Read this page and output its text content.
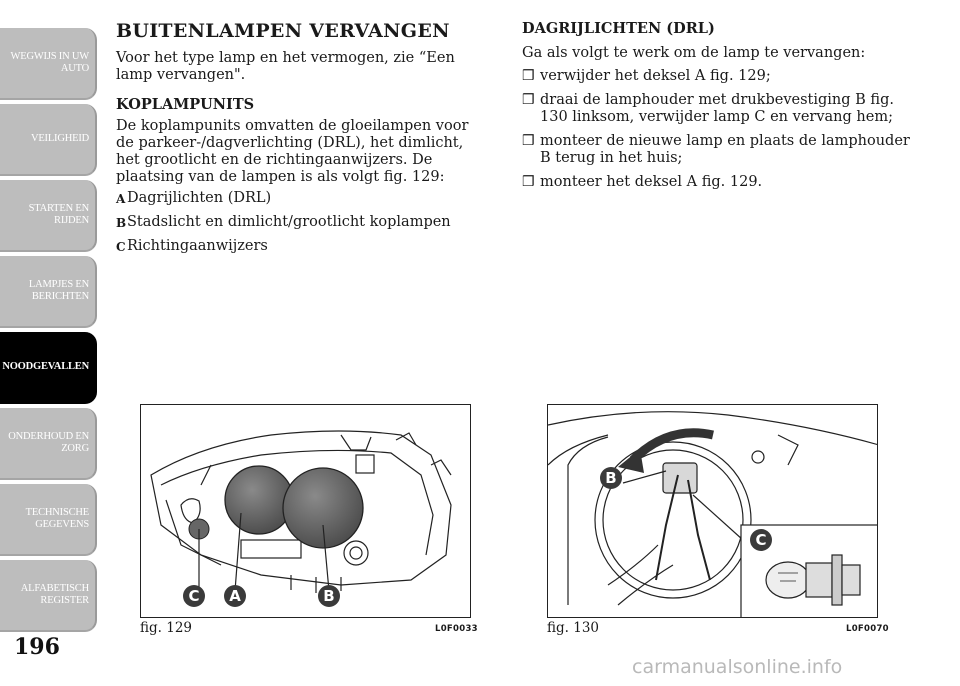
WEGWIJS IN UW AUTO
VEILIGHEID
STARTEN EN RIJDEN
LAMPJES EN BERICHTEN
NOODGEVALLEN
ONDERHOUD EN ZORG
TECHNISCHE GEGEVENS
ALFABETISCH REGISTER
196
BUITENLAMPEN VERVANGEN

Voor het type lamp en het vermogen, zie “Een lamp vervangen".

KOPLAMPUNITS

De koplampunits omvatten de gloeilampen voor de parkeer-/dagverlichting (DRL), het dimlicht, het grootlicht en de richtingaanwijzers. De plaatsing van de lampen is als volgt fig. 129:

A Dagrijlichten (DRL)
B Stadslicht en dimlicht/grootlicht koplampen
C Richtingaanwijzers
DAGRIJLICHTEN (DRL)

Ga als volgt te werk om de lamp te vervangen:

❒ verwijder het deksel A fig. 129;
❒ draai de lamphouder met drukbevestiging B fig. 130 linksom, verwijder lamp C en vervang hem;
❒ monteer de nieuwe lamp en plaats de lamphouder B terug in het huis;
❒ monteer het deksel A fig. 129.
C	A	B
fig. 129	L0F0033
B
C
fig. 130	L0F0070
carmanualsonline.info
